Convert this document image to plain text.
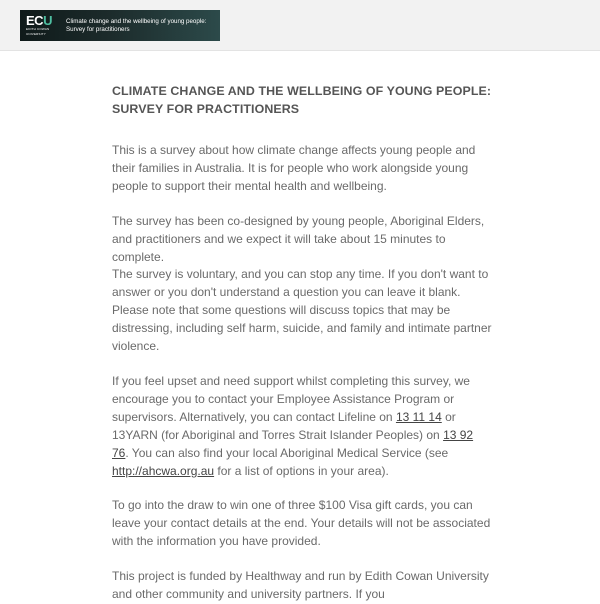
ECU
EDITH COWAN
UNIVERSITY
Climate change and the wellbeing of young people: Survey for practitioners
CLIMATE CHANGE AND THE WELLBEING OF YOUNG PEOPLE:
SURVEY FOR PRACTITIONERS

This is a survey about how climate change affects young people and their families in Australia. It is for people who work alongside young people to support their mental health and wellbeing.

The survey has been co-designed by young people, Aboriginal Elders, and practitioners and we expect it will take about 15 minutes to complete.

The survey is voluntary, and you can stop any time. If you don't want to answer or you don't understand a question you can leave it blank. Please note that some questions will discuss topics that may be distressing, including self harm, suicide, and family and intimate partner violence.

If you feel upset and need support whilst completing this survey, we encourage you to contact your Employee Assistance Program or supervisors. Alternatively, you can contact Lifeline on 13 11 14 or 13YARN (for Aboriginal and Torres Strait Islander Peoples) on 13 92 76. You can also find your local Aboriginal Medical Service (see http://ahcwa.org.au for a list of options in your area).

To go into the draw to win one of three $100 Visa gift cards, you can leave your contact details at the end. Your details will not be associated with the information you have provided.

This project is funded by Healthway and run by Edith Cowan University and other community and university partners. If you
